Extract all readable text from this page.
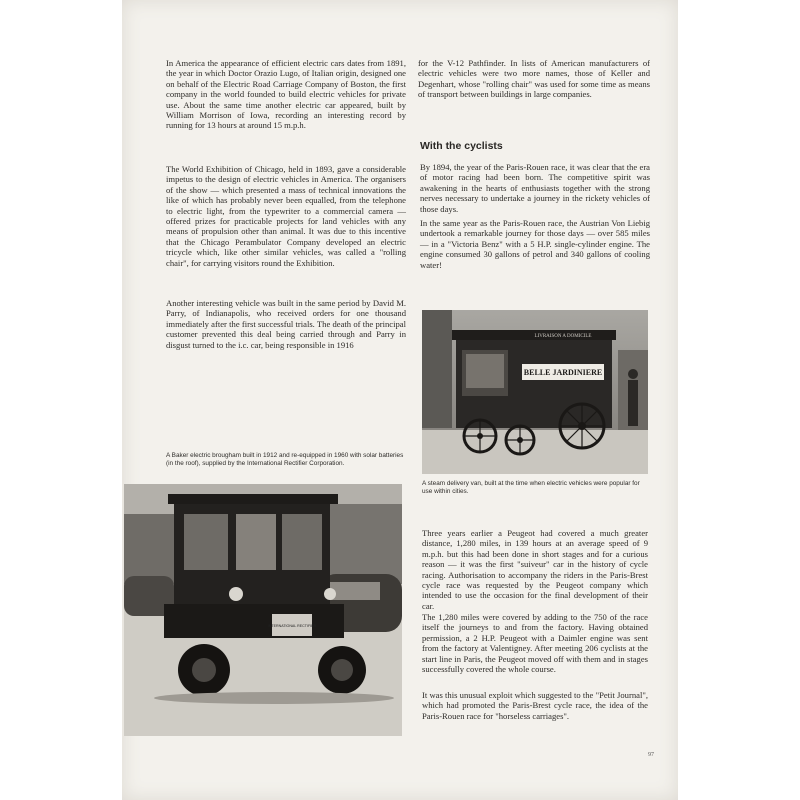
In America the appearance of efficient electric cars dates from 1891, the year in which Doctor Orazio Lugo, of Italian origin, designed one on behalf of the Electric Road Carriage Company of Boston, the first company in the world founded to build electric vehicles for private use. About the same time another electric car appeared, built by William Morrison of Iowa, recording an interesting record by running for 13 hours at around 15 m.p.h.

The World Exhibition of Chicago, held in 1893, gave a considerable impetus to the design of electric vehicles in America. The organisers of the show — which presented a mass of technical innovations the like of which has probably never been equalled, from the telephone to electric light, from the typewriter to a commercial camera — offered prizes for practicable projects for land vehicles with any means of propulsion other than animal. It was due to this incentive that the Chicago Perambulator Company developed an electric tricycle which, like other similar vehicles, was called a "rolling chair", for carrying visitors round the Exhibition.

Another interesting vehicle was built in the same period by David M. Parry, of Indianapolis, who received orders for one thousand immediately after the first successful trials. The death of the principal customer prevented this deal being carried through and Parry in disgust turned to the i.c. car, being responsible in 1916

for the V-12 Pathfinder. In lists of American manufacturers of electric vehicles were two more names, those of Keller and Degenhart, whose "rolling chair" was used for some time as means of transport between buildings in large companies.

With the cyclists

By 1894, the year of the Paris-Rouen race, it was clear that the era of motor racing had been born. The competitive spirit was awakening in the hearts of enthusiasts together with the strong nerves necessary to undertake a journey in the rickety vehicles of those days.

In the same year as the Paris-Rouen race, the Austrian Von Liebig undertook a remarkable journey for those days — over 585 miles — in a "Victoria Benz" with a 5 H.P. single-cylinder engine. The engine consumed 30 gallons of petrol and 340 gallons of cooling water!

BELLE JARDINIERE
LIVRAISON A DOMICILE

A steam delivery van, built at the time when electric vehicles were popular for use within cities.

A Baker electric brougham built in 1912 and re-equipped in 1960 with solar batteries (in the roof), supplied by the International Rectifier Corporation.

INTERNATIONAL RECTIFIER

Three years earlier a Peugeot had covered a much greater distance, 1,280 miles, in 139 hours at an average speed of 9 m.p.h. but this had been done in short stages and for a curious reason — it was the first "suiveur" car in the history of cycle racing. Authorisation to accompany the riders in the Paris-Brest cycle race was requested by the Peugeot company which intended to use the occasion for the final development of their car.

The 1,280 miles were covered by adding to the 750 of the race itself the journeys to and from the factory. Having obtained permission, a 2 H.P. Peugeot with a Daimler engine was sent from the factory at Valentigney. After meeting 206 cyclists at the start line in Paris, the Peugeot moved off with them and in stages successfully covered the whole course.

It was this unusual exploit which suggested to the "Petit Journal", which had promoted the Paris-Brest cycle race, the idea of the Paris-Rouen race for "horseless carriages".

97
